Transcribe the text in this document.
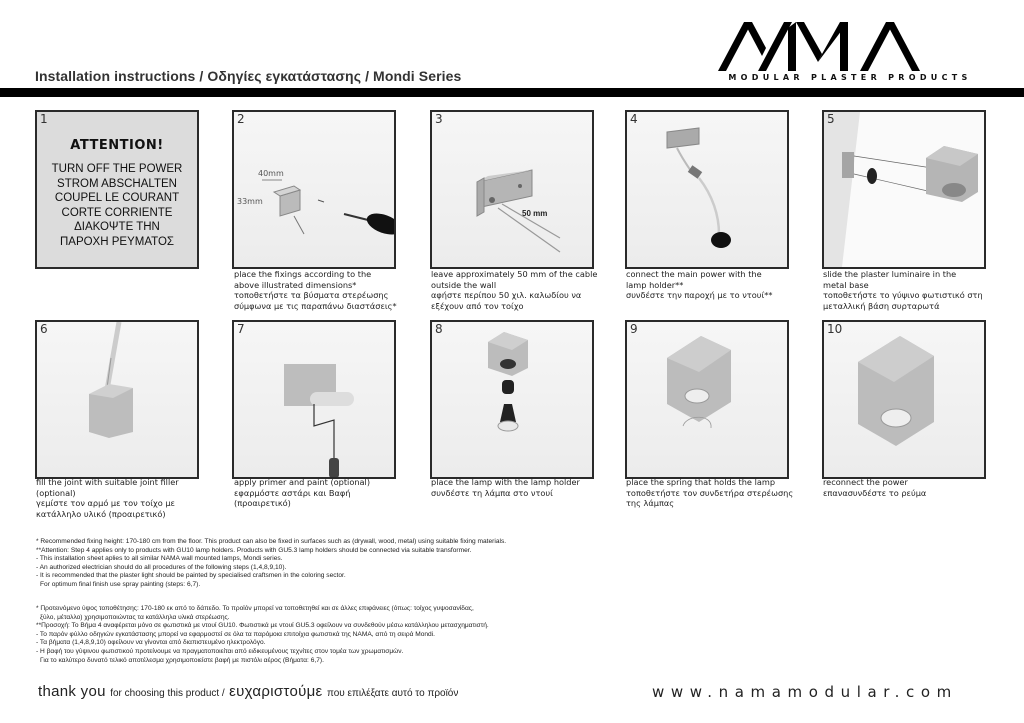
Installation instructions / Οδηγίες εγκατάστασης / Mondi Series	MODULAR PLASTER PRODUCTS
1
ATTENTION!
TURN OFF THE POWER
STROM ABSCHALTEN
COUPEL LE COURANT
CORTE CORRIENTE
ΔΙΑΚΟΨΤΕ ΤΗΝ
ΠΑΡΟΧΗ ΡΕΥΜΑΤΟΣ
2
40mm
33mm
place the fixings according to the
above illustrated dimensions*
τοποθετήστε τα βύσματα στερέωσης
σύμφωνα με τις παραπάνω διαστάσεις*
3
50 mm
leave approximately 50 mm of the cable
outside the wall
αφήστε περίπου 50 χιλ. καλωδίου να
εξέχουν από τον τοίχο
4
connect the main power with the
lamp holder**
συνδέστε την παροχή με το ντουί**
5
slide the plaster luminaire in the
metal base
τοποθετήστε το γύψινο φωτιστικό στη
μεταλλική βάση συρταρωτά
6
fill the joint with suitable joint filler
(optional)
γεμίστε τον αρμό με τον τοίχο με
κατάλληλο υλικό (προαιρετικό)
7
apply primer and paint (optional)
εφαρμόστε αστάρι και Βαφή
(προαιρετικό)
8
place the lamp with the lamp holder
συνδέστε τη λάμπα στο ντουί
9
place the spring that holds the lamp
τοποθετήστε τον συνδετήρα στερέωσης
της λάμπας
10
reconnect the power
επανασυνδέστε το ρεύμα
* Recommended fixing height: 170-180 cm from the floor. This product can also be fixed in surfaces such as (drywall, wood, metal) using suitable fixing materials.
**Attention: Step 4 applies only to products with GU10 lamp holders. Products with GU5.3 lamp holders should be connected via suitable transformer.
- This installation sheet aplies to all similar NAMA wall mounted lamps, Mondi series.
- An authorized electrician should do all procedures of the following steps (1,4,8,9,10).
- It is recommended that the plaster light should be painted by specialised craftsmen in the coloring sector.
For optimum final finish use spray painting (steps: 6,7).
* Προτεινόμενο ύψος τοποθέτησης: 170-180 εκ από το δάπεδο. Το προϊόν μπορεί να τοποθετηθεί και σε άλλες επιφάνειες (όπως: τοίχος γυψοσανίδας,
ξύλο, μέταλλο) χρησιμοποιώντας τα κατάλληλα υλικά στερέωσης.
**Προσοχή: Το Βήμα 4 αναφέρεται μόνο σε φωτιστικά με ντουί GU10. Φωτιστικά με ντουί GU5.3 οφείλουν να συνδεθούν μέσω κατάλληλου μετασχηματιστή.
- Το παρόν φύλλο οδηγιών εγκατάστασης μπορεί να εφαρμοστεί σε όλα τα παρόμοια επιτοίχια φωτιστικά της NAMA, από τη σειρά Mondi.
- Τα βήματα (1,4,8,9,10) οφείλουν να γίνονται από διαπιστευμένο ηλεκτρολόγο.
- Η βαφή του γύψινου φωτιστικού προτείνουμε να πραγματοποιείται από ειδικευμένους τεχνίτες στον τομέα των χρωματισμών.
Για το καλύτερο δυνατό τελικό αποτέλεσμα χρησιμοποιείστε βαφή με πιστόλι αέρος (Βήματα: 6,7).
thank you for choosing this product / ευχαριστούμε που επιλέξατε αυτό το προϊόν	www.namamodular.com
